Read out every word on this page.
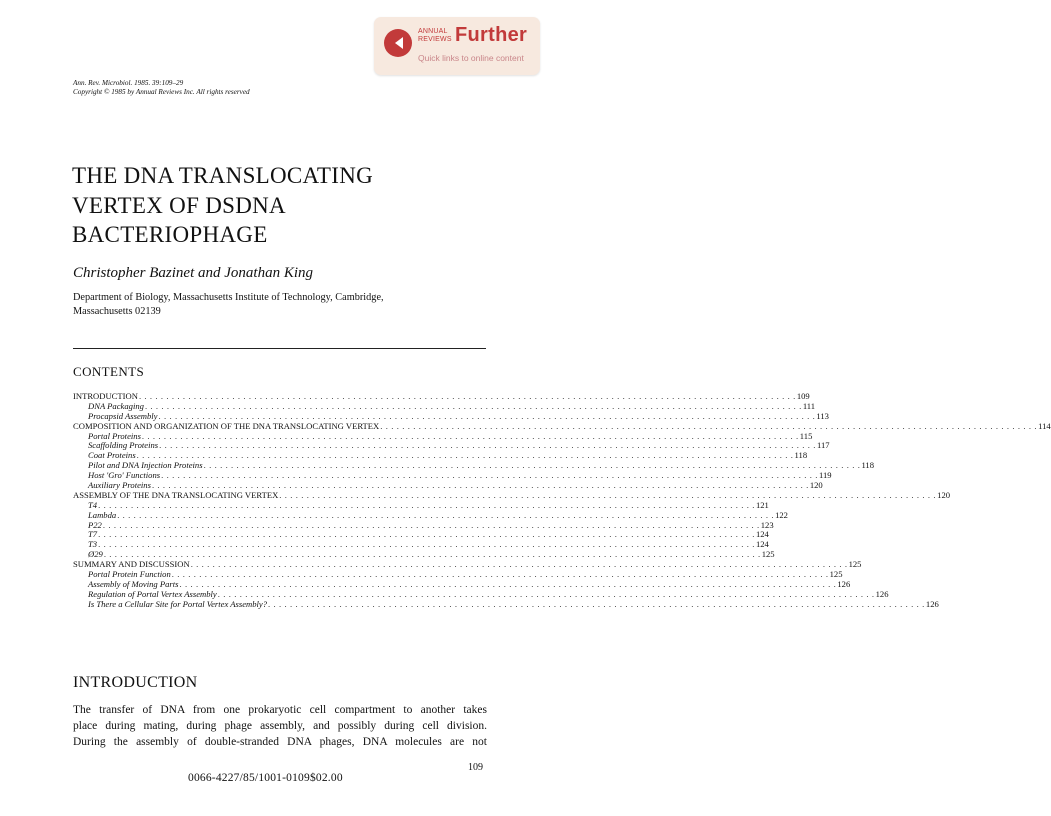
ANNUAL
REVIEWS Further
Quick links to online content
Ann. Rev. Microbiol. 1985. 39:109–29
Copyright © 1985 by Annual Reviews Inc. All rights reserved
THE DNA TRANSLOCATING
VERTEX OF DSDNA
BACTERIOPHAGE
Christopher Bazinet and Jonathan King
Department of Biology, Massachusetts Institute of Technology, Cambridge,
Massachusetts 02139
CONTENTS
INTRODUCTION . . . . . . . . . . . . . . . . . . . . . . . . . . . . . . . . . . . . . . . . . . . . . . . . . . . . . . . . . . . . . . . . . . . . . . . . . . . . . . . . . . . . . . . . . . . . . . . . . . . . . . . . . . . . . . . . . . . . . . . . 109
DNA Packaging . . . . . . . . . . . . . . . . . . . . . . . . . . . . . . . . . . . . . . . . . . . . . . . . . . . . . . . . . . . . . . . . . . . . . . . . . . . . . . . . . . . . . . . . . . . . . . . . . . . . . . . . . . . . . . . . . . . . . . . . 111
Procapsid Assembly . . . . . . . . . . . . . . . . . . . . . . . . . . . . . . . . . . . . . . . . . . . . . . . . . . . . . . . . . . . . . . . . . . . . . . . . . . . . . . . . . . . . . . . . . . . . . . . . . . . . . . . . . . . . . . . . . . . . . . . . 113
COMPOSITION AND ORGANIZATION OF THE DNA TRANSLOCATING VERTEX . . . . . . . . . . . . . . . . . . . . . . . . . . . . . . . . . . . . . . . . . . . . . . . . . . . . . . . . . . . . . . . . . . . . . . . . . . . . . . . . . . . . . . . . . . . . . . . . . . . . . . . . . . . . . . . . . . . . . . . . 114
Portal Proteins . . . . . . . . . . . . . . . . . . . . . . . . . . . . . . . . . . . . . . . . . . . . . . . . . . . . . . . . . . . . . . . . . . . . . . . . . . . . . . . . . . . . . . . . . . . . . . . . . . . . . . . . . . . . . . . . . . . . . . . . 115
Scaffolding Proteins . . . . . . . . . . . . . . . . . . . . . . . . . . . . . . . . . . . . . . . . . . . . . . . . . . . . . . . . . . . . . . . . . . . . . . . . . . . . . . . . . . . . . . . . . . . . . . . . . . . . . . . . . . . . . . . . . . . . . . . . 117
Coat Proteins . . . . . . . . . . . . . . . . . . . . . . . . . . . . . . . . . . . . . . . . . . . . . . . . . . . . . . . . . . . . . . . . . . . . . . . . . . . . . . . . . . . . . . . . . . . . . . . . . . . . . . . . . . . . . . . . . . . . . . . . 118
Pilot and DNA Injection Proteins . . . . . . . . . . . . . . . . . . . . . . . . . . . . . . . . . . . . . . . . . . . . . . . . . . . . . . . . . . . . . . . . . . . . . . . . . . . . . . . . . . . . . . . . . . . . . . . . . . . . . . . . . . . . . . . . . . . . . . . . 118
Host 'Gro' Functions . . . . . . . . . . . . . . . . . . . . . . . . . . . . . . . . . . . . . . . . . . . . . . . . . . . . . . . . . . . . . . . . . . . . . . . . . . . . . . . . . . . . . . . . . . . . . . . . . . . . . . . . . . . . . . . . . . . . . . . . 119
Auxiliary Proteins . . . . . . . . . . . . . . . . . . . . . . . . . . . . . . . . . . . . . . . . . . . . . . . . . . . . . . . . . . . . . . . . . . . . . . . . . . . . . . . . . . . . . . . . . . . . . . . . . . . . . . . . . . . . . . . . . . . . . . . . 120
ASSEMBLY OF THE DNA TRANSLOCATING VERTEX . . . . . . . . . . . . . . . . . . . . . . . . . . . . . . . . . . . . . . . . . . . . . . . . . . . . . . . . . . . . . . . . . . . . . . . . . . . . . . . . . . . . . . . . . . . . . . . . . . . . . . . . . . . . . . . . . . . . . . . . 120
T4 . . . . . . . . . . . . . . . . . . . . . . . . . . . . . . . . . . . . . . . . . . . . . . . . . . . . . . . . . . . . . . . . . . . . . . . . . . . . . . . . . . . . . . . . . . . . . . . . . . . . . . . . . . . . . . . . . . . . . . . . 121
Lambda . . . . . . . . . . . . . . . . . . . . . . . . . . . . . . . . . . . . . . . . . . . . . . . . . . . . . . . . . . . . . . . . . . . . . . . . . . . . . . . . . . . . . . . . . . . . . . . . . . . . . . . . . . . . . . . . . . . . . . . . 122
P22 . . . . . . . . . . . . . . . . . . . . . . . . . . . . . . . . . . . . . . . . . . . . . . . . . . . . . . . . . . . . . . . . . . . . . . . . . . . . . . . . . . . . . . . . . . . . . . . . . . . . . . . . . . . . . . . . . . . . . . . . 123
T7 . . . . . . . . . . . . . . . . . . . . . . . . . . . . . . . . . . . . . . . . . . . . . . . . . . . . . . . . . . . . . . . . . . . . . . . . . . . . . . . . . . . . . . . . . . . . . . . . . . . . . . . . . . . . . . . . . . . . . . . . 124
T3 . . . . . . . . . . . . . . . . . . . . . . . . . . . . . . . . . . . . . . . . . . . . . . . . . . . . . . . . . . . . . . . . . . . . . . . . . . . . . . . . . . . . . . . . . . . . . . . . . . . . . . . . . . . . . . . . . . . . . . . . 124
Ø29 . . . . . . . . . . . . . . . . . . . . . . . . . . . . . . . . . . . . . . . . . . . . . . . . . . . . . . . . . . . . . . . . . . . . . . . . . . . . . . . . . . . . . . . . . . . . . . . . . . . . . . . . . . . . . . . . . . . . . . . . 125
SUMMARY AND DISCUSSION . . . . . . . . . . . . . . . . . . . . . . . . . . . . . . . . . . . . . . . . . . . . . . . . . . . . . . . . . . . . . . . . . . . . . . . . . . . . . . . . . . . . . . . . . . . . . . . . . . . . . . . . . . . . . . . . . . . . . . . . 125
Portal Protein Function . . . . . . . . . . . . . . . . . . . . . . . . . . . . . . . . . . . . . . . . . . . . . . . . . . . . . . . . . . . . . . . . . . . . . . . . . . . . . . . . . . . . . . . . . . . . . . . . . . . . . . . . . . . . . . . . . . . . . . . . 125
Assembly of Moving Parts . . . . . . . . . . . . . . . . . . . . . . . . . . . . . . . . . . . . . . . . . . . . . . . . . . . . . . . . . . . . . . . . . . . . . . . . . . . . . . . . . . . . . . . . . . . . . . . . . . . . . . . . . . . . . . . . . . . . . . . . 126
Regulation of Portal Vertex Assembly . . . . . . . . . . . . . . . . . . . . . . . . . . . . . . . . . . . . . . . . . . . . . . . . . . . . . . . . . . . . . . . . . . . . . . . . . . . . . . . . . . . . . . . . . . . . . . . . . . . . . . . . . . . . . . . . . . . . . . . . 126
Is There a Cellular Site for Portal Vertex Assembly? . . . . . . . . . . . . . . . . . . . . . . . . . . . . . . . . . . . . . . . . . . . . . . . . . . . . . . . . . . . . . . . . . . . . . . . . . . . . . . . . . . . . . . . . . . . . . . . . . . . . . . . . . . . . . . . . . . . . . . . . 126
INTRODUCTION
The transfer of DNA from one prokaryotic cell compartment to another takes
place during mating, during phage assembly, and possibly during cell division.
During the assembly of double-stranded DNA phages, DNA molecules are not
109
0066-4227/85/1001-0109$02.00
